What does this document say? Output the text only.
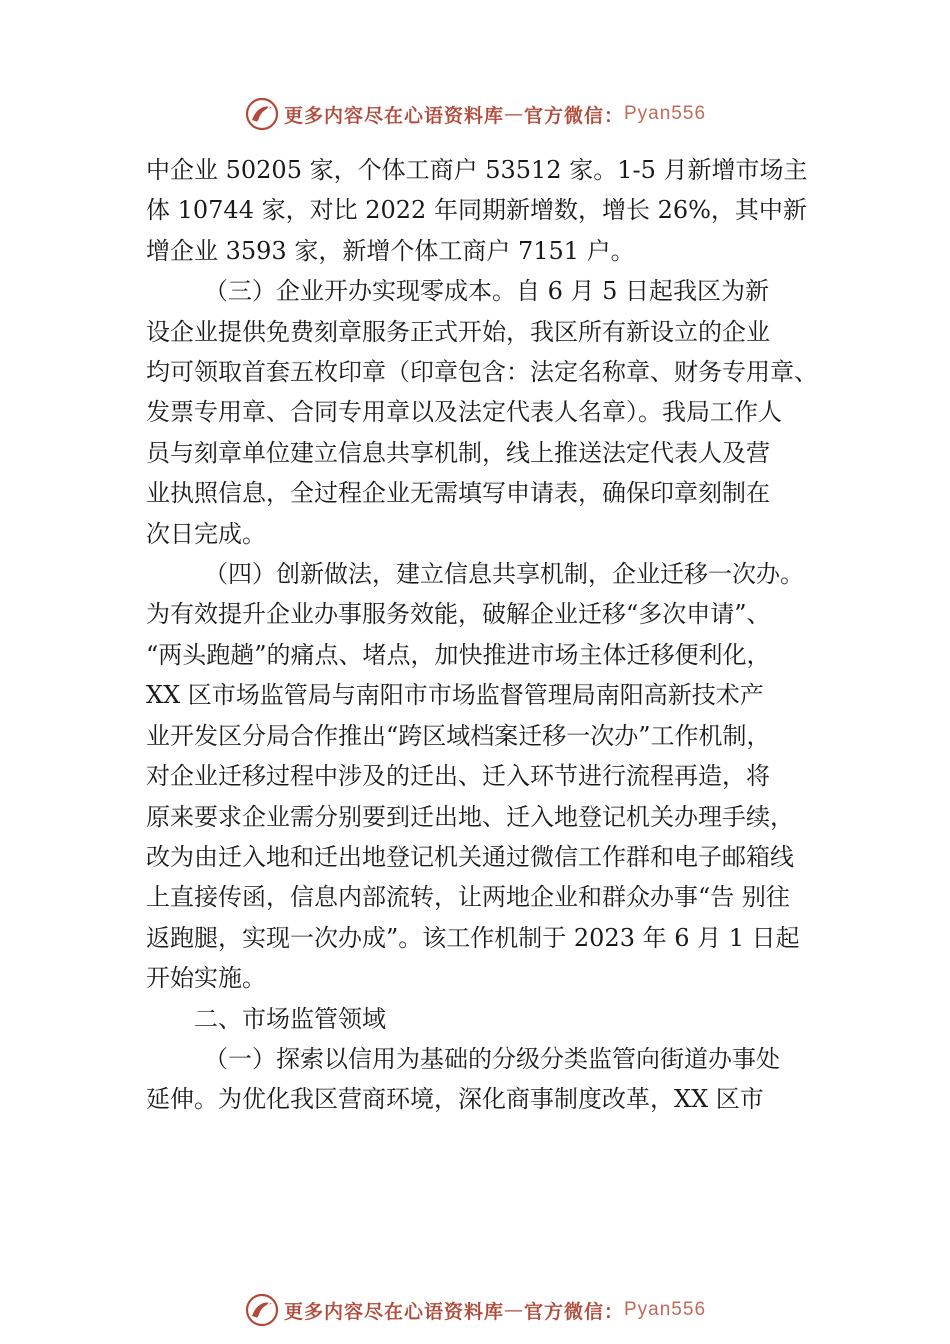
更多内容尽在心语资料库 — 官方微信： Pyan556

中企业 50205 家，个体工商户 53512 家。1-5 月新增市场主
体 10744 家，对比 2022 年同期新增数，增长 26%，其中新
增企业 3593 家，新增个体工商户 7151 户。

（三）企业开办实现零成本。自 6 月 5 日起我区为新
设企业提供免费刻章服务正式开始，我区所有新设立的企业
均可领取首套五枚印章（印章包含：法定名称章、财务专用章、
发票专用章、合同专用章以及法定代表人名章）。我局工作人
员与刻章单位建立信息共享机制，线上推送法定代表人及营
业执照信息，全过程企业无需填写申请表，确保印章刻制在
次日完成。

（四）创新做法，建立信息共享机制，企业迁移一次办。
为有效提升企业办事服务效能，破解企业迁移“多次申请”、
“两头跑趟”的痛点、堵点，加快推进市场主体迁移便利化，
XX 区市场监管局与南阳市市场监督管理局南阳高新技术产
业开发区分局合作推出“跨区域档案迁移一次办”工作机制，
对企业迁移过程中涉及的迁出、迁入环节进行流程再造，将
原来要求企业需分别要到迁出地、迁入地登记机关办理手续，
改为由迁入地和迁出地登记机关通过微信工作群和电子邮箱线
上直接传函，信息内部流转，让两地企业和群众办事“告 别往
返跑腿，实现一次办成”。该工作机制于 2023 年 6 月 1 日起
开始实施。

二、市场监管领域

（一）探索以信用为基础的分级分类监管向街道办事处
延伸。为优化我区营商环境，深化商事制度改革，XX 区市

更多内容尽在心语资料库 — 官方微信： Pyan556
